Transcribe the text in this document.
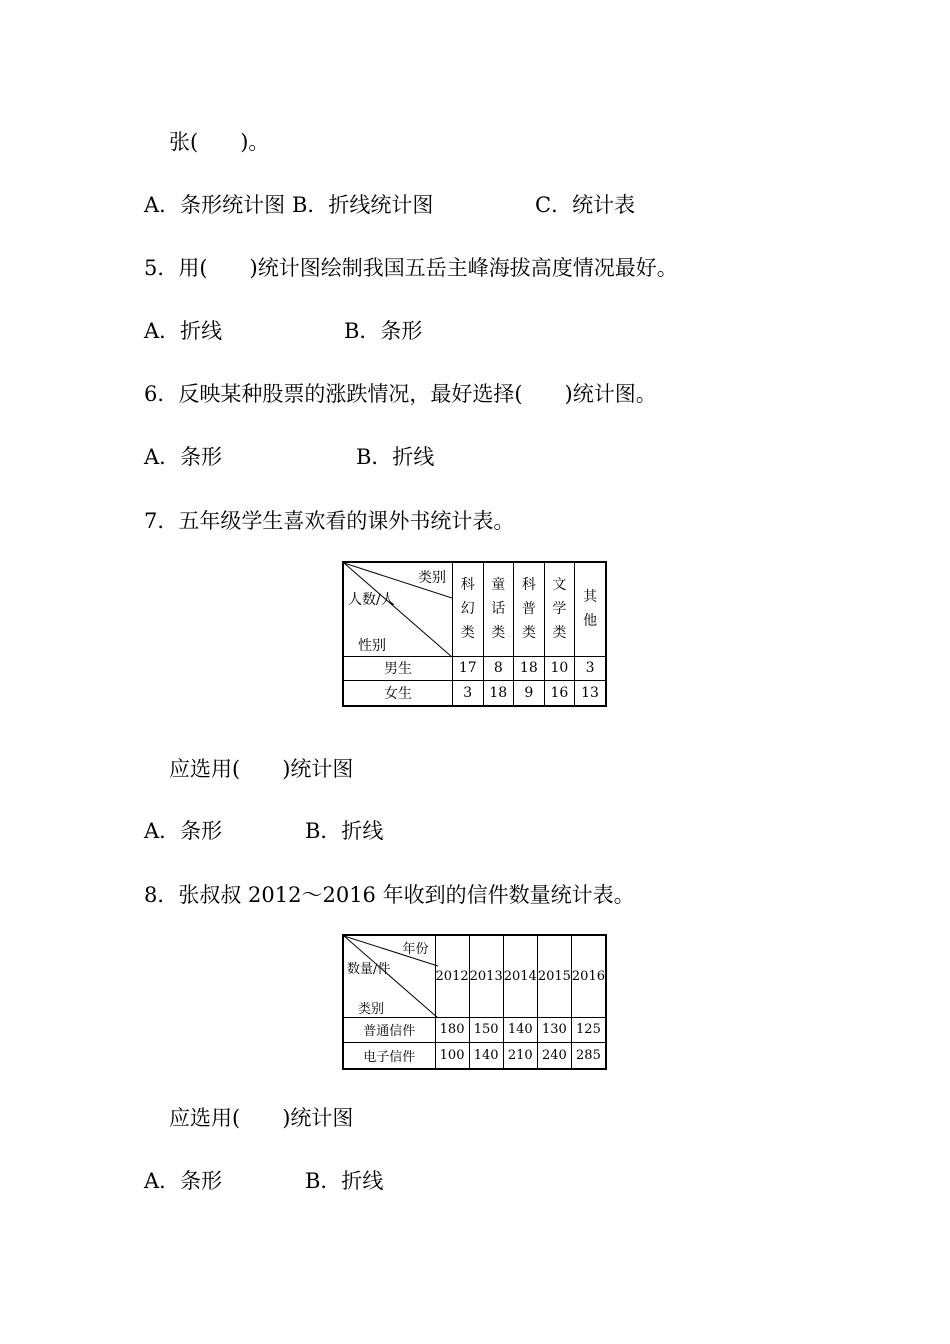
张(　　)。
A．条形统计图 B．折线统计图	C．统计表
5．用(　　)统计图绘制我国五岳主峰海拔高度情况最好。
A．折线	B．条形
6．反映某种股票的涨跌情况，最好选择(　　)统计图。
A．条形	B．折线
7．五年级学生喜欢看的课外书统计表。
类别
人数/人
性别	科幻类	童话类	科普类	文学类	其他
男生	17	8	18	10	3
女生	3	18	9	16	13
应选用(　　)统计图
A．条形	B．折线
8．张叔叔 2012～2016 年收到的信件数量统计表。
年份
数量/件
类别	2012	2013	2014	2015	2016
普通信件	180	150	140	130	125
电子信件	100	140	210	240	285
应选用(　　)统计图
A．条形	B．折线
